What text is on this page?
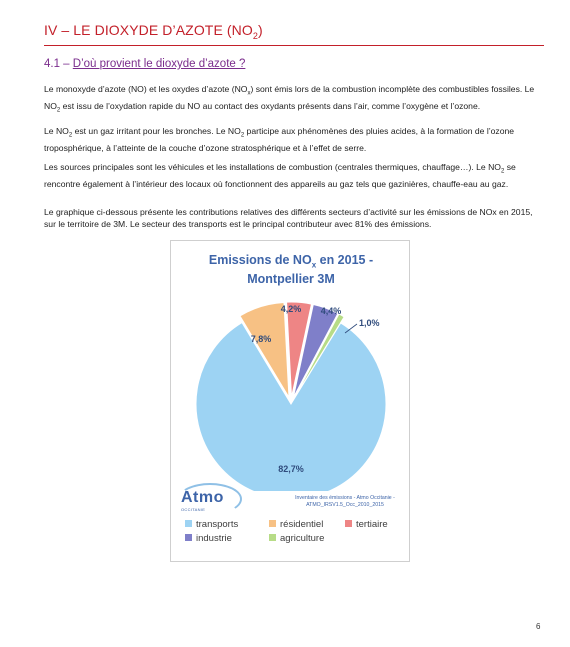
IV – LE DIOXYDE D’AZOTE $(NO_2)$
4.1 – D’où provient le dioxyde d’azote ?
Le monoxyde d’azote (NO) et les oxydes d’azote $(NO_x)$ sont émis lors de la combustion incomplète des combustibles fossiles. Le $NO_2$ est issu de l’oxydation rapide du NO au contact des oxydants présents dans l’air, comme l’oxygène et l’ozone.
Le $NO_2$ est un gaz irritant pour les bronches. Le $NO_2$ participe aux phénomènes des pluies acides, à la formation de l’ozone troposphérique, à l’atteinte de la couche d’ozone stratosphérique et à l’effet de serre.
Les sources principales sont les véhicules et les installations de combustion (centrales thermiques, chauffage…). Le $NO_2$ se rencontre également à l’intérieur des locaux où fonctionnent des appareils au gaz tels que gazinières, chauffe-eau au gaz.
Le graphique ci-dessous présente les contributions relatives des différents secteurs d’activité sur les émissions de NOx en 2015, sur le territoire de 3M. Le secteur des transports est le principal contributeur avec 81% des émissions.
Emissions de $NO_x$ en 2015 -
Montpellier 3M
82,7%
7,8%
4,2% 4,4%
1,0%
Atmo
OCCITANIE
Inventaire des émissions - Atmo Occitanie - ATMO_IRSV1.5_Occ_2010_2015
transports	résidentiel	tertiaire
industrie	agriculture
6
